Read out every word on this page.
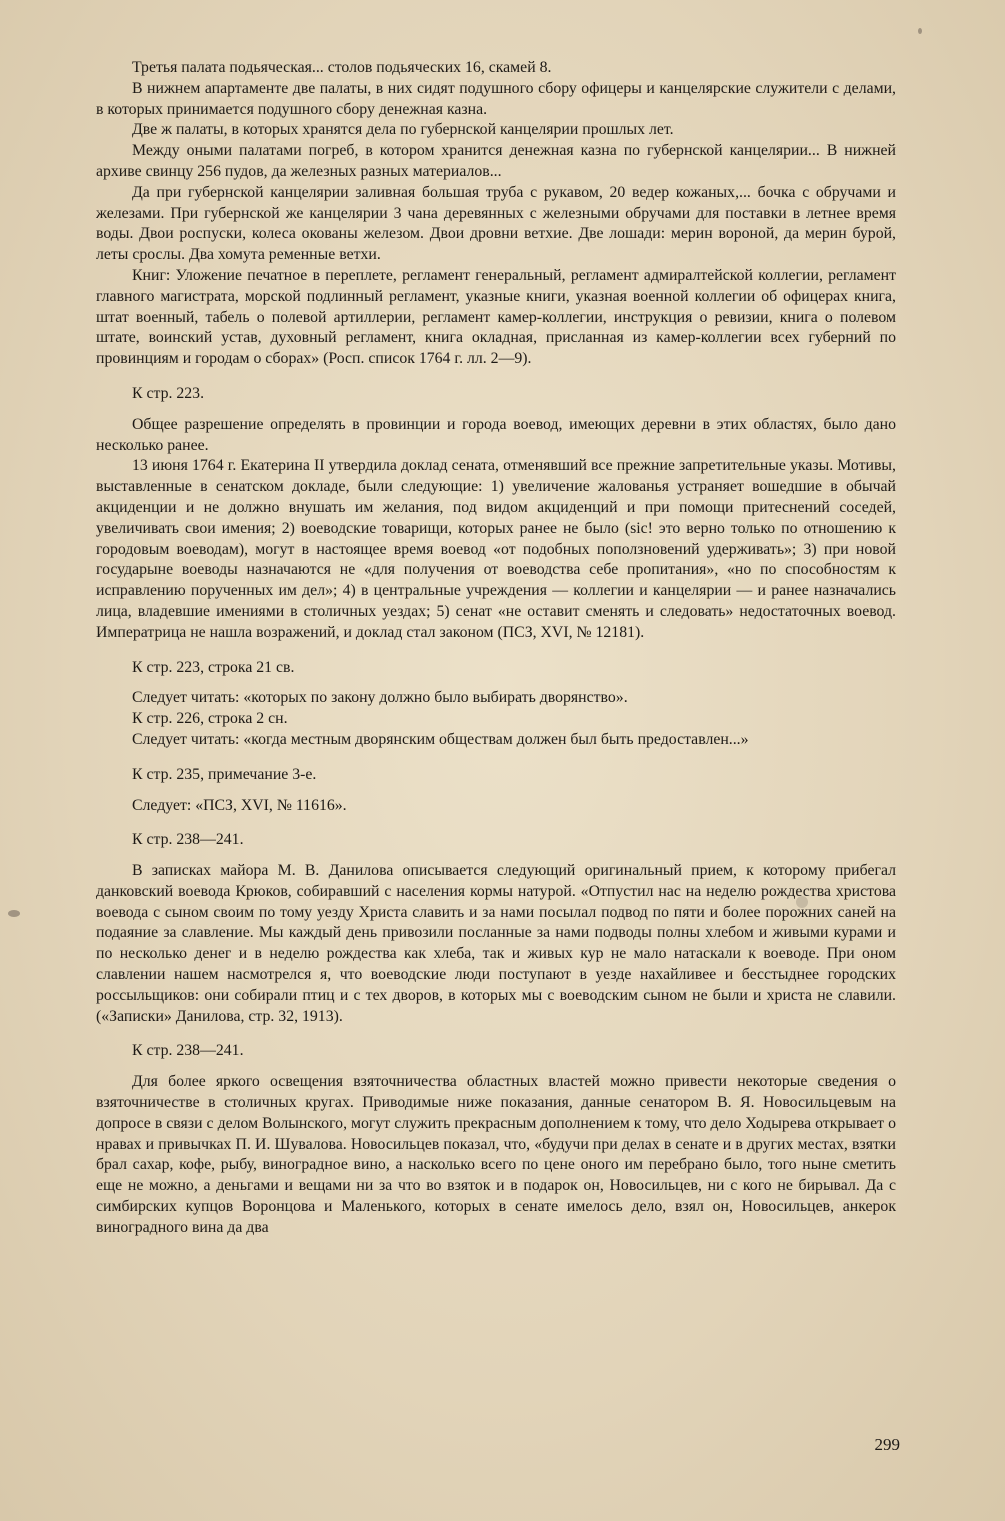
Третья палата подьяческая... столов подьяческих 16, скамей 8.

В нижнем апартаменте две палаты, в них сидят подушного сбору офицеры и канцелярские служители с делами, в которых принимается подушного сбору денежная казна.

Две ж палаты, в которых хранятся дела по губернской канцелярии прошлых лет.

Между оными палатами погреб, в котором хранится денежная казна по губернской канцелярии... В нижней архиве свинцу 256 пудов, да железных разных материалов...

Да при губернской канцелярии заливная большая труба с рукавом, 20 ведер кожаных,... бочка с обручами и железами. При губернской же канцелярии 3 чана деревянных с железными обручами для поставки в летнее время воды. Двои роспуски, колеса окованы железом. Двои дровни ветхие. Две лошади: мерин вороной, да мерин бурой, леты срослы. Два хомута ременные ветхи.

Книг: Уложение печатное в переплете, регламент генеральный, регламент адмиралтейской коллегии, регламент главного магистрата, морской подлинный регламент, указные книги, указная военной коллегии об офицерах книга, штат военный, табель о полевой артиллерии, регламент камер-коллегии, инструкция о ревизии, книга о полевом штате, воинский устав, духовный регламент, книга окладная, присланная из камер-коллегии всех губерний по провинциям и городам о сборах» (Росп. список 1764 г. лл. 2—9).

К стр. 223.

Общее разрешение определять в провинции и города воевод, имеющих деревни в этих областях, было дано несколько ранее.

13 июня 1764 г. Екатерина II утвердила доклад сената, отменявший все прежние запретительные указы. Мотивы, выставленные в сенатском докладе, были следующие: 1) увеличение жалованья устраняет вошедшие в обычай акциденции и не должно внушать им желания, под видом акциденций и при помощи притеснений соседей, увеличивать свои имения; 2) воеводские товарищи, которых ранее не было (sic! это верно только по отношению к городовым воеводам), могут в настоящее время воевод «от подобных поползновений удерживать»; 3) при новой государыне воеводы назначаются не «для получения от воеводства себе пропитания», «но по способностям к исправлению порученных им дел»; 4) в центральные учреждения — коллегии и канцелярии — и ранее назначались лица, владевшие имениями в столичных уездах; 5) сенат «не оставит сменять и следовать» недостаточных воевод. Императрица не нашла возражений, и доклад стал законом (ПСЗ, XVI, № 12181).

К стр. 223, строка 21 св.

Следует читать: «которых по закону должно было выбирать дворянство».

К стр. 226, строка 2 сн.

Следует читать: «когда местным дворянским обществам должен был быть предоставлен...»

К стр. 235, примечание 3-е.

Следует: «ПСЗ, XVI, № 11616».

К стр. 238—241.

В записках майора М. В. Данилова описывается следующий оригинальный прием, к которому прибегал данковский воевода Крюков, собиравший с населения кормы натурой. «Отпустил нас на неделю рождества христова воевода с сыном своим по тому уезду Христа славить и за нами посылал подвод по пяти и более порожних саней на подаяние за славление. Мы каждый день привозили посланные за нами подводы полны хлебом и живыми курами и по несколько денег и в неделю рождества как хлеба, так и живых кур не мало натаскали к воеводе. При оном славлении нашем насмотрелся я, что воеводские люди поступают в уезде нахайливее и бесстыднее городских россыльщиков: они собирали птиц и с тех дворов, в которых мы с воеводским сыном не были и христа не славили. («Записки» Данилова, стр. 32, 1913).

К стр. 238—241.

Для более яркого освещения взяточничества областных властей можно привести некоторые сведения о взяточничестве в столичных кругах. Приводимые ниже показания, данные сенатором В. Я. Новосильцевым на допросе в связи с делом Волынского, могут служить прекрасным дополнением к тому, что дело Ходырева открывает о нравах и привычках П. И. Шувалова. Новосильцев показал, что, «будучи при делах в сенате и в других местах, взятки брал сахар, кофе, рыбу, виноградное вино, а насколько всего по цене оного им перебрано было, того ныне сметить еще не можно, а деньгами и вещами ни за что во взяток и в подарок он, Новосильцев, ни с кого не бирывал. Да с симбирских купцов Воронцова и Маленького, которых в сенате имелось дело, взял он, Новосильцев, анкерок виноградного вина да два

299
